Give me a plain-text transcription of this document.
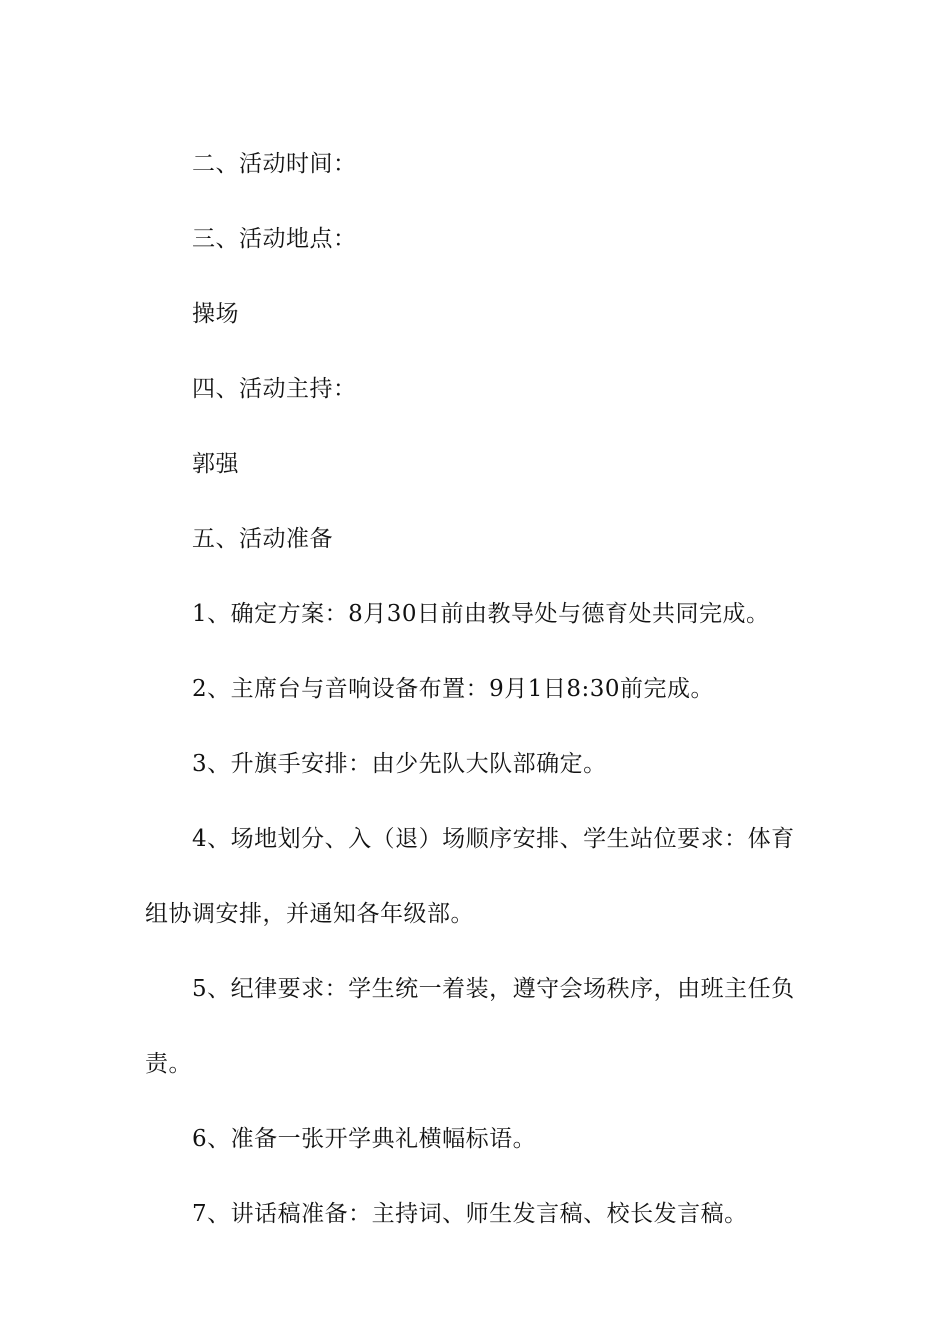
二、活动时间：

三、活动地点：

操场

四、活动主持：

郭强

五、活动准备

1、确定方案：8月30日前由教导处与德育处共同完成。

2、主席台与音响设备布置：9月1日8:30前完成。

3、升旗手安排：由少先队大队部确定。

4、场地划分、入（退）场顺序安排、学生站位要求：体育组协调安排，并通知各年级部。

5、纪律要求：学生统一着装，遵守会场秩序，由班主任负责。

6、准备一张开学典礼横幅标语。

7、讲话稿准备：主持词、师生发言稿、校长发言稿。
